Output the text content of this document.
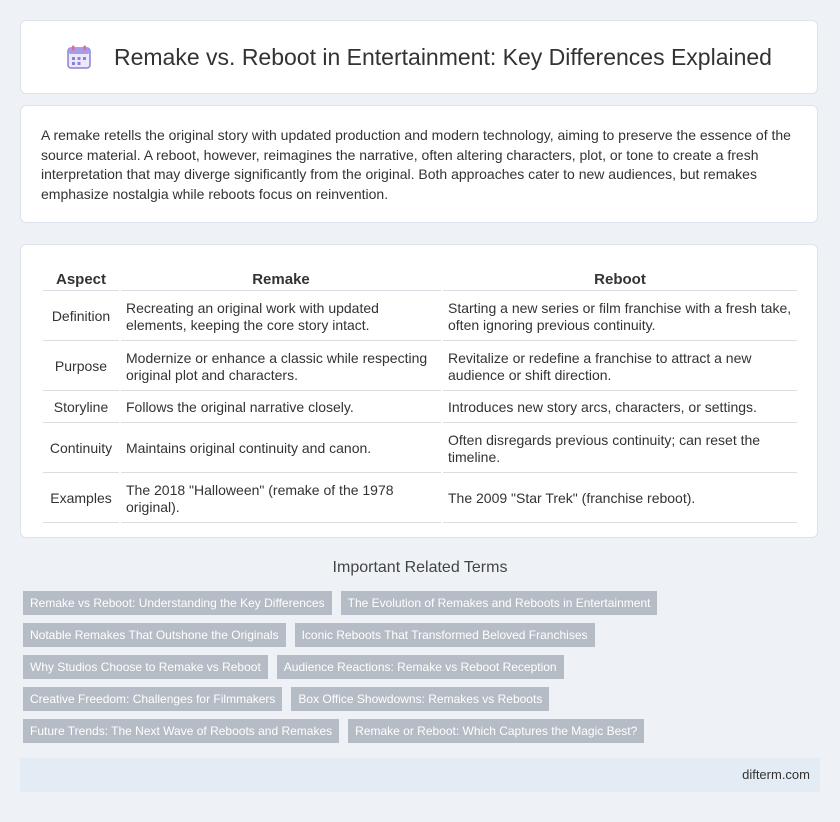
Remake vs. Reboot in Entertainment: Key Differences Explained

A remake retells the original story with updated production and modern technology, aiming to preserve the essence of the source material. A reboot, however, reimagines the narrative, often altering characters, plot, or tone to create a fresh interpretation that may diverge significantly from the original. Both approaches cater to new audiences, but remakes emphasize nostalgia while reboots focus on reinvention.

Aspect	Remake	Reboot
Definition	Recreating an original work with updated elements, keeping the core story intact.	Starting a new series or film franchise with a fresh take, often ignoring previous continuity.
Purpose	Modernize or enhance a classic while respecting original plot and characters.	Revitalize or redefine a franchise to attract a new audience or shift direction.
Storyline	Follows the original narrative closely.	Introduces new story arcs, characters, or settings.
Continuity	Maintains original continuity and canon.	Often disregards previous continuity; can reset the timeline.
Examples	The 2018 "Halloween" (remake of the 1978 original).	The 2009 "Star Trek" (franchise reboot).
Important Related Terms
Remake vs Reboot: Understanding the Key Differences	The Evolution of Remakes and Reboots in Entertainment
Notable Remakes That Outshone the Originals	Iconic Reboots That Transformed Beloved Franchises
Why Studios Choose to Remake vs Reboot	Audience Reactions: Remake vs Reboot Reception
Creative Freedom: Challenges for Filmmakers	Box Office Showdowns: Remakes vs Reboots
Future Trends: The Next Wave of Reboots and Remakes	Remake or Reboot: Which Captures the Magic Best?
difterm.com
